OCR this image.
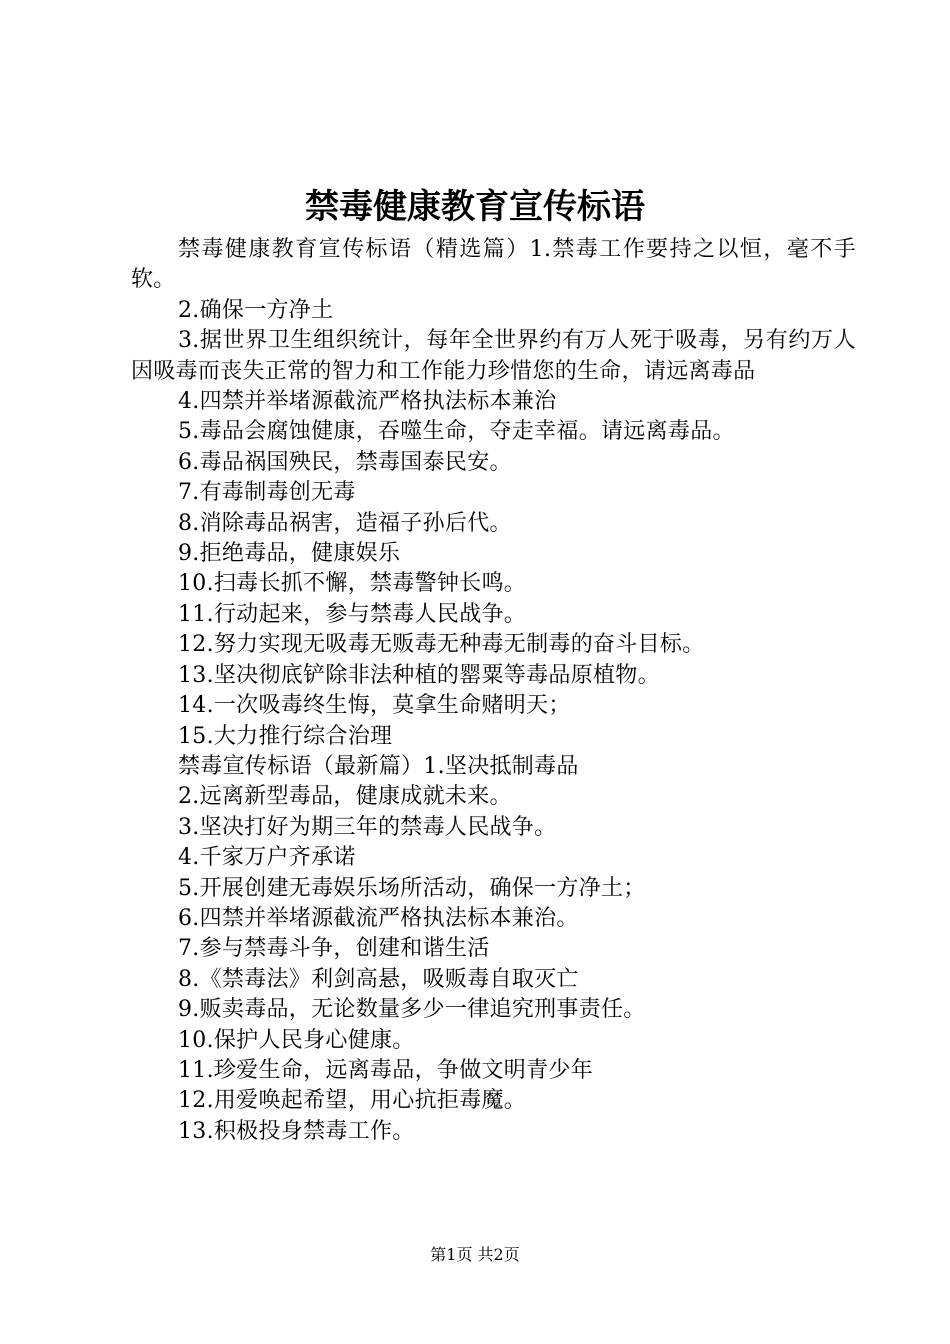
禁毒健康教育宣传标语

禁毒健康教育宣传标语（精选篇）1.禁毒工作要持之以恒，毫不手软。

2.确保一方净土

3.据世界卫生组织统计，每年全世界约有万人死于吸毒，另有约万人因吸毒而丧失正常的智力和工作能力珍惜您的生命，请远离毒品

4.四禁并举堵源截流严格执法标本兼治

5.毒品会腐蚀健康，吞噬生命，夺走幸福。请远离毒品。

6.毒品祸国殃民，禁毒国泰民安。

7.有毒制毒创无毒

8.消除毒品祸害，造福子孙后代。

9.拒绝毒品，健康娱乐

10.扫毒长抓不懈，禁毒警钟长鸣。

11.行动起来，参与禁毒人民战争。

12.努力实现无吸毒无贩毒无种毒无制毒的奋斗目标。

13.坚决彻底铲除非法种植的罂粟等毒品原植物。

14.一次吸毒终生悔，莫拿生命赌明天；

15.大力推行综合治理

禁毒宣传标语（最新篇）1.坚决抵制毒品

2.远离新型毒品，健康成就未来。

3.坚决打好为期三年的禁毒人民战争。

4.千家万户齐承诺

5.开展创建无毒娱乐场所活动，确保一方净土；

6.四禁并举堵源截流严格执法标本兼治。

7.参与禁毒斗争，创建和谐生活

8.《禁毒法》利剑高悬，吸贩毒自取灭亡

9.贩卖毒品，无论数量多少一律追究刑事责任。

10.保护人民身心健康。

11.珍爱生命，远离毒品，争做文明青少年

12.用爱唤起希望，用心抗拒毒魔。

13.积极投身禁毒工作。

第1页 共2页
